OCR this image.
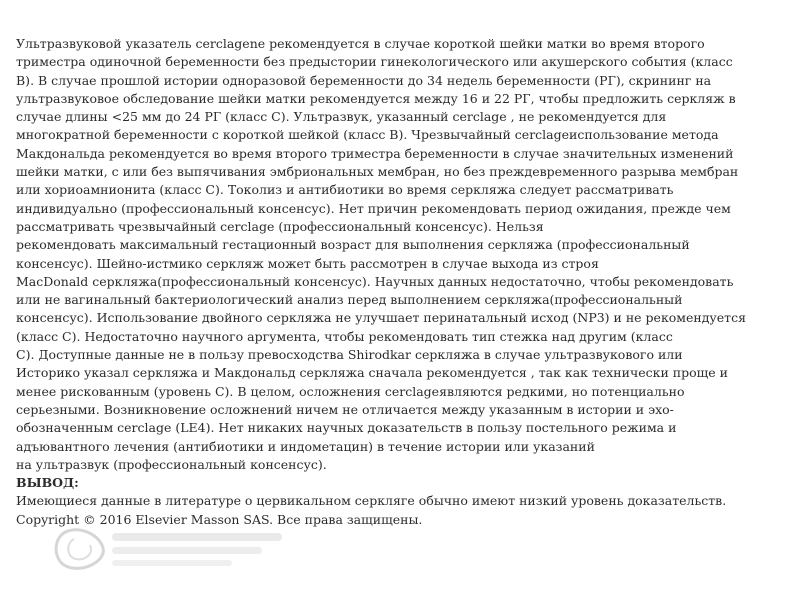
Ультразвуковой указатель cerclagene рекомендуется в случае короткой шейки матки во время второго
триместра одиночной беременности без предыстории гинекологического или акушерского события (класс
B). В случае прошлой истории одноразовой беременности до 34 недель беременности (PГ), скрининг на
ультразвуковое обследование шейки матки рекомендуется между 16 и 22 PГ, чтобы предложить серкляж в
случае длины <25 мм до 24 PГ (класс C). Ультразвук, указанный cerclage , не рекомендуется для
многократной беременности с короткой шейкой (класс B). Чрезвычайный cerclageиспользование метода
Макдональда рекомендуется во время второго триместра беременности в случае значительных изменений
шейки матки, с или без выпячивания эмбриональных мембран, но без преждевременного разрыва мембран
или хориоамнионита (класс C). Токолиз и антибиотики во время серкляжа следует рассматривать
индивидуально (профессиональный консенсус). Нет причин рекомендовать период ожидания, прежде чем
рассматривать чрезвычайный cerclage (профессиональный консенсус). Нельзя
рекомендовать максимальный гестационный возраст для выполнения серкляжа (профессиональный
консенсус). Шейно-истмико серкляж может быть рассмотрен в случае выхода из строя
MacDonald серкляжа(профессиональный консенсус). Научных данных недостаточно, чтобы рекомендовать
или не вагинальный бактериологический анализ перед выполнением серкляжа(профессиональный
консенсус). Использование двойного серкляжа не улучшает перинатальный исход (NP3) и не рекомендуется
(класс C). Недостаточно научного аргумента, чтобы рекомендовать тип стежка над другим (класс
C). Доступные данные не в пользу превосходства Shirodkar серкляжа в случае ультразвукового или
Историко указал серкляжа и Макдональд серкляжа сначала рекомендуется , так как технически проще и
менее рискованным (уровень C). В целом, осложнения cerclageявляются редкими, но потенциально
серьезными. Возникновение осложнений ничем не отличается между указанным в истории и эхо-
обозначенным cerclage (LE4). Нет никаких научных доказательств в пользу постельного режима и
адъювантного лечения (антибиотики и индометацин) в течение истории или указаний
на ультразвук (профессиональный консенсус).
ВЫВОД:
Имеющиеся данные в литературе о цервикальном серкляге обычно имеют низкий уровень доказательств.
Copyright © 2016 Elsevier Masson SAS. Все права защищены.
